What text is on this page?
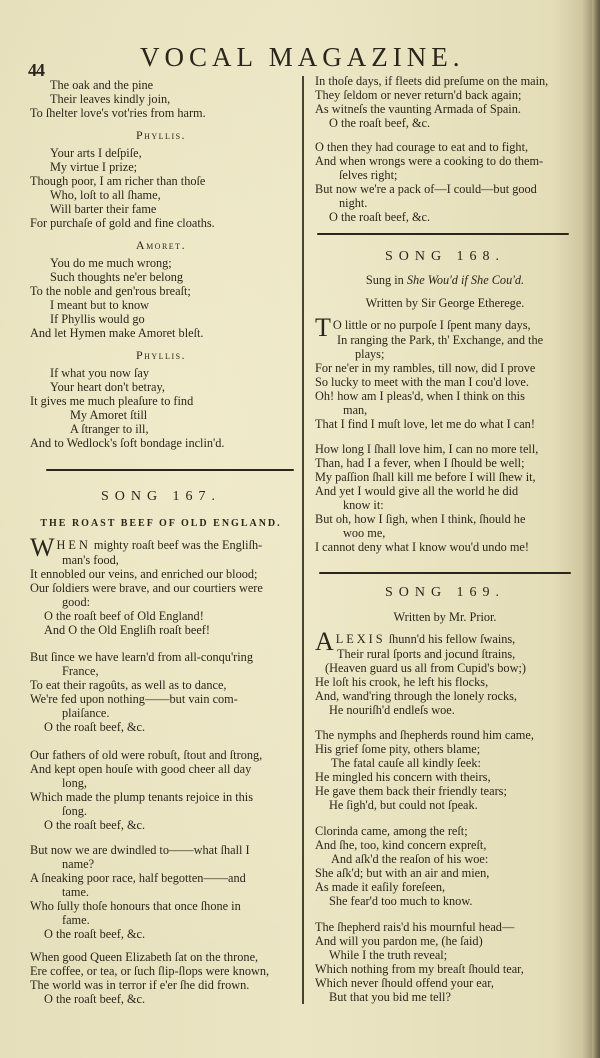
44	VOCAL MAGAZINE.
The oak and the pine
Their leaves kindly join,
To ſhelter love's vot'ries from harm.
Phyllis.
Your arts I deſpiſe,
My virtue I prize;
Though poor, I am richer than thoſe
Who, loſt to all ſhame,
Will barter their fame
For purchaſe of gold and fine cloaths.
Amoret.
You do me much wrong;
Such thoughts ne'er belong
To the noble and gen'rous breaſt;
I meant but to know
If Phyllis would go
And let Hymen make Amoret bleſt.
Phyllis.
If what you now ſay
Your heart don't betray,
It gives me much pleaſure to find
My Amoret ſtill
A ſtranger to ill,
And to Wedlock's ſoft bondage inclin'd.
SONG 167.
THE ROAST BEEF OF OLD ENGLAND.
W HEN mighty roaſt beef was the Engliſh-
man's food,
It ennobled our veins, and enriched our blood;
Our ſoldiers were brave, and our courtiers were
good:
O the roaſt beef of Old England!
And O the Old Engliſh roaſt beef!
But ſince we have learn'd from all-conqu'ring
France,
To eat their ragoûts, as well as to dance,
We're fed upon nothing——but vain com-
plaiſance.
O the roaſt beef, &c.
Our fathers of old were robuſt, ſtout and ſtrong,
And kept open houſe with good cheer all day
long,
Which made the plump tenants rejoice in this
ſong.
O the roaſt beef, &c.
But now we are dwindled to——what ſhall I
name?
A ſneaking poor race, half begotten——and
tame.
Who ſully thoſe honours that once ſhone in
fame.
O the roaſt beef, &c.
When good Queen Elizabeth ſat on the throne,
Ere coffee, or tea, or ſuch ſlip-ſlops were known,
The world was in terror if e'er ſhe did frown.
O the roaſt beef, &c.
In thoſe days, if fleets did preſume on the main,
They ſeldom or never return'd back again;
As witneſs the vaunting Armada of Spain.
O the roaſt beef, &c.
O then they had courage to eat and to fight,
And when wrongs were a cooking to do them-
ſelves right;
But now we're a pack of—I could—but good
night.
O the roaſt beef, &c.
SONG 168.
Sung in She Wou'd if She Cou'd.
Written by Sir George Etherege.
T O little or no purpoſe I ſpent many days,
In ranging the Park, th' Exchange, and the
plays;
For ne'er in my rambles, till now, did I prove
So lucky to meet with the man I cou'd love.
Oh! how am I pleas'd, when I think on this
man,
That I find I muſt love, let me do what I can!
How long I ſhall love him, I can no more tell,
Than, had I a fever, when I ſhould be well;
My paſſion ſhall kill me before I will ſhew it,
And yet I would give all the world he did
know it:
But oh, how I ſigh, when I think, ſhould he
woo me,
I cannot deny what I know wou'd undo me!
SONG 169.
Written by Mr. Prior.
A LEXIS ſhunn'd his fellow ſwains,
Their rural ſports and jocund ſtrains,
(Heaven guard us all from Cupid's bow;)
He loſt his crook, he left his flocks,
And, wand'ring through the lonely rocks,
He nouriſh'd endleſs woe.
The nymphs and ſhepherds round him came,
His grief ſome pity, others blame;
The fatal cauſe all kindly ſeek:
He mingled his concern with theirs,
He gave them back their friendly tears;
He ſigh'd, but could not ſpeak.
Clorinda came, among the reſt;
And ſhe, too, kind concern expreſt,
And aſk'd the reaſon of his woe:
She aſk'd; but with an air and mien,
As made it eaſily foreſeen,
She fear'd too much to know.
The ſhepherd rais'd his mournful head—
And will you pardon me, (he ſaid)
While I the truth reveal;
Which nothing from my breaſt ſhould tear,
Which never ſhould offend your ear,
But that you bid me tell?
